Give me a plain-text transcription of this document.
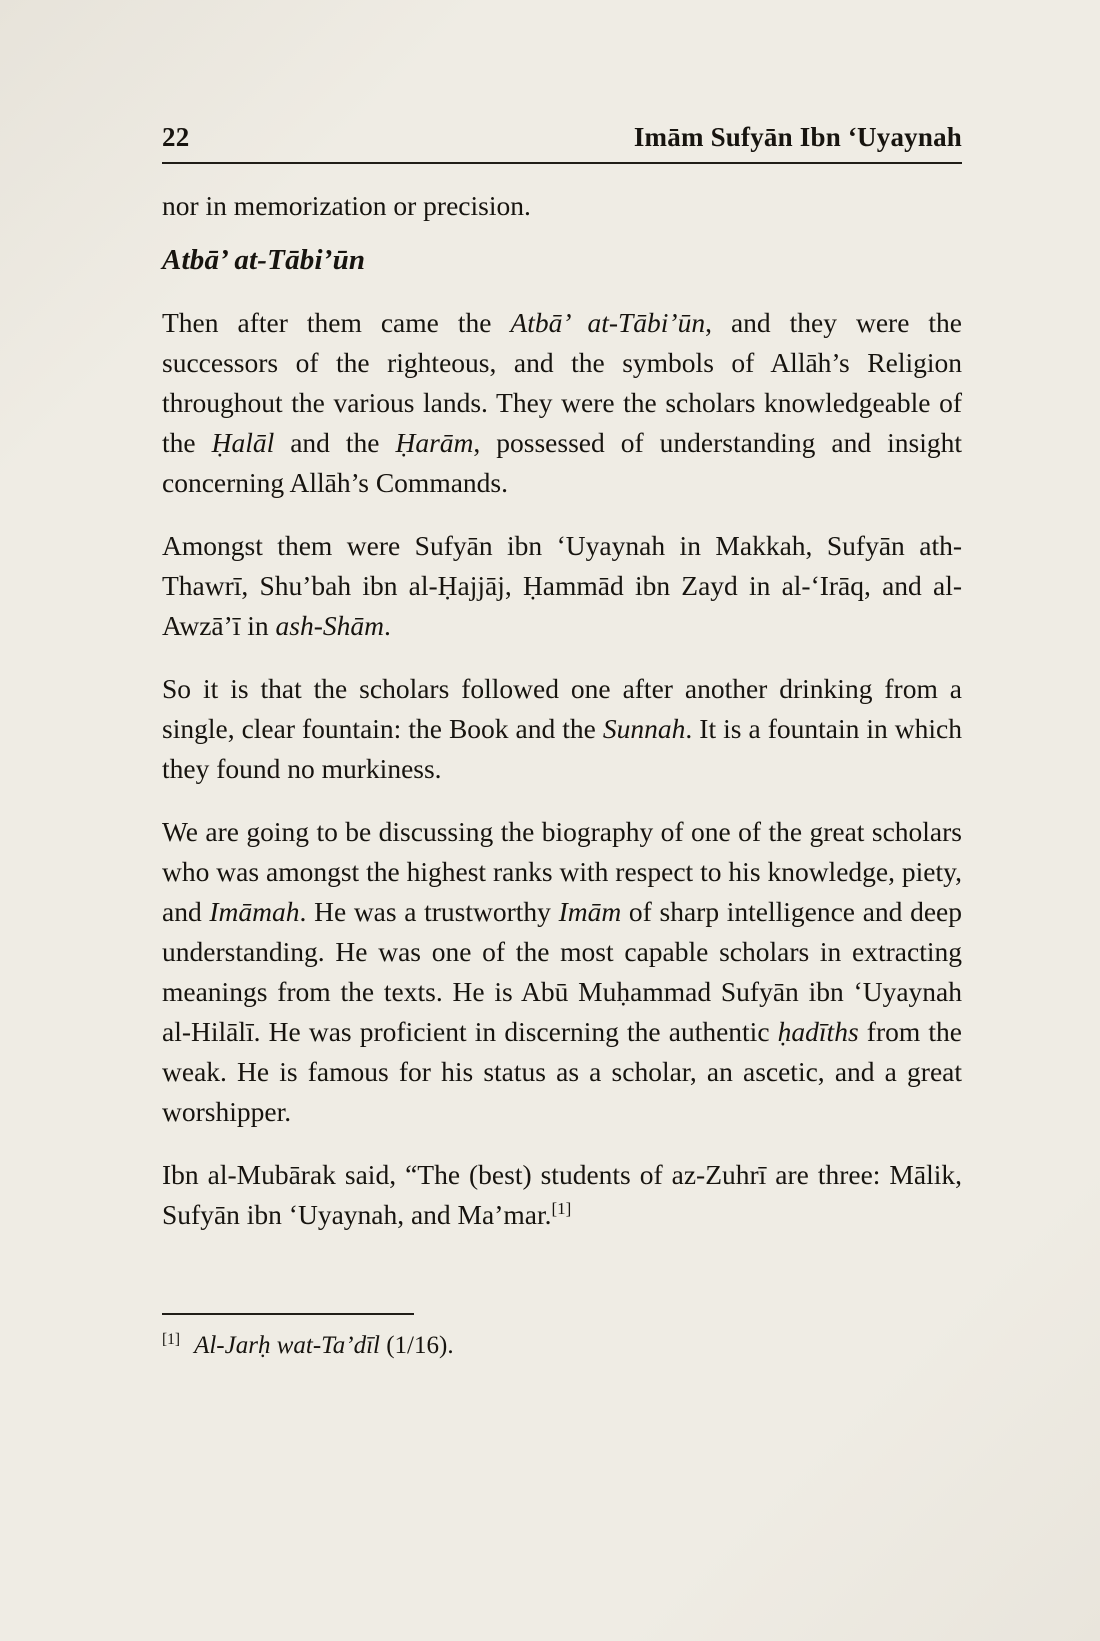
22	Imām Sufyān Ibn ‘Uyaynah

nor in memorization or precision.

Atbā’ at-Tābi’ūn

Then after them came the Atbā’ at-Tābi’ūn, and they were the successors of the righteous, and the symbols of Allāh’s Religion throughout the various lands. They were the scholars knowledgeable of the Ḥalāl and the Ḥarām, possessed of understanding and insight concerning Allāh’s Commands.

Amongst them were Sufyān ibn ‘Uyaynah in Makkah, Sufyān ath-Thawrī, Shu’bah ibn al-Ḥajjāj, Ḥammād ibn Zayd in al-‘Irāq, and al-Awzā’ī in ash-Shām.

So it is that the scholars followed one after another drinking from a single, clear fountain: the Book and the Sunnah. It is a fountain in which they found no murkiness.

We are going to be discussing the biography of one of the great scholars who was amongst the highest ranks with respect to his knowledge, piety, and Imāmah. He was a trustworthy Imām of sharp intelligence and deep understanding. He was one of the most capable scholars in extracting meanings from the texts. He is Abū Muḥammad Sufyān ibn ‘Uyaynah al-Hilālī. He was proficient in discerning the authentic ḥadīths from the weak. He is famous for his status as a scholar, an ascetic, and a great worshipper.

Ibn al-Mubārak said, “The (best) students of az-Zuhrī are three: Mālik, Sufyān ibn ‘Uyaynah, and Ma’mar.[1]

[1] Al-Jarḥ wat-Ta’dīl (1/16).
